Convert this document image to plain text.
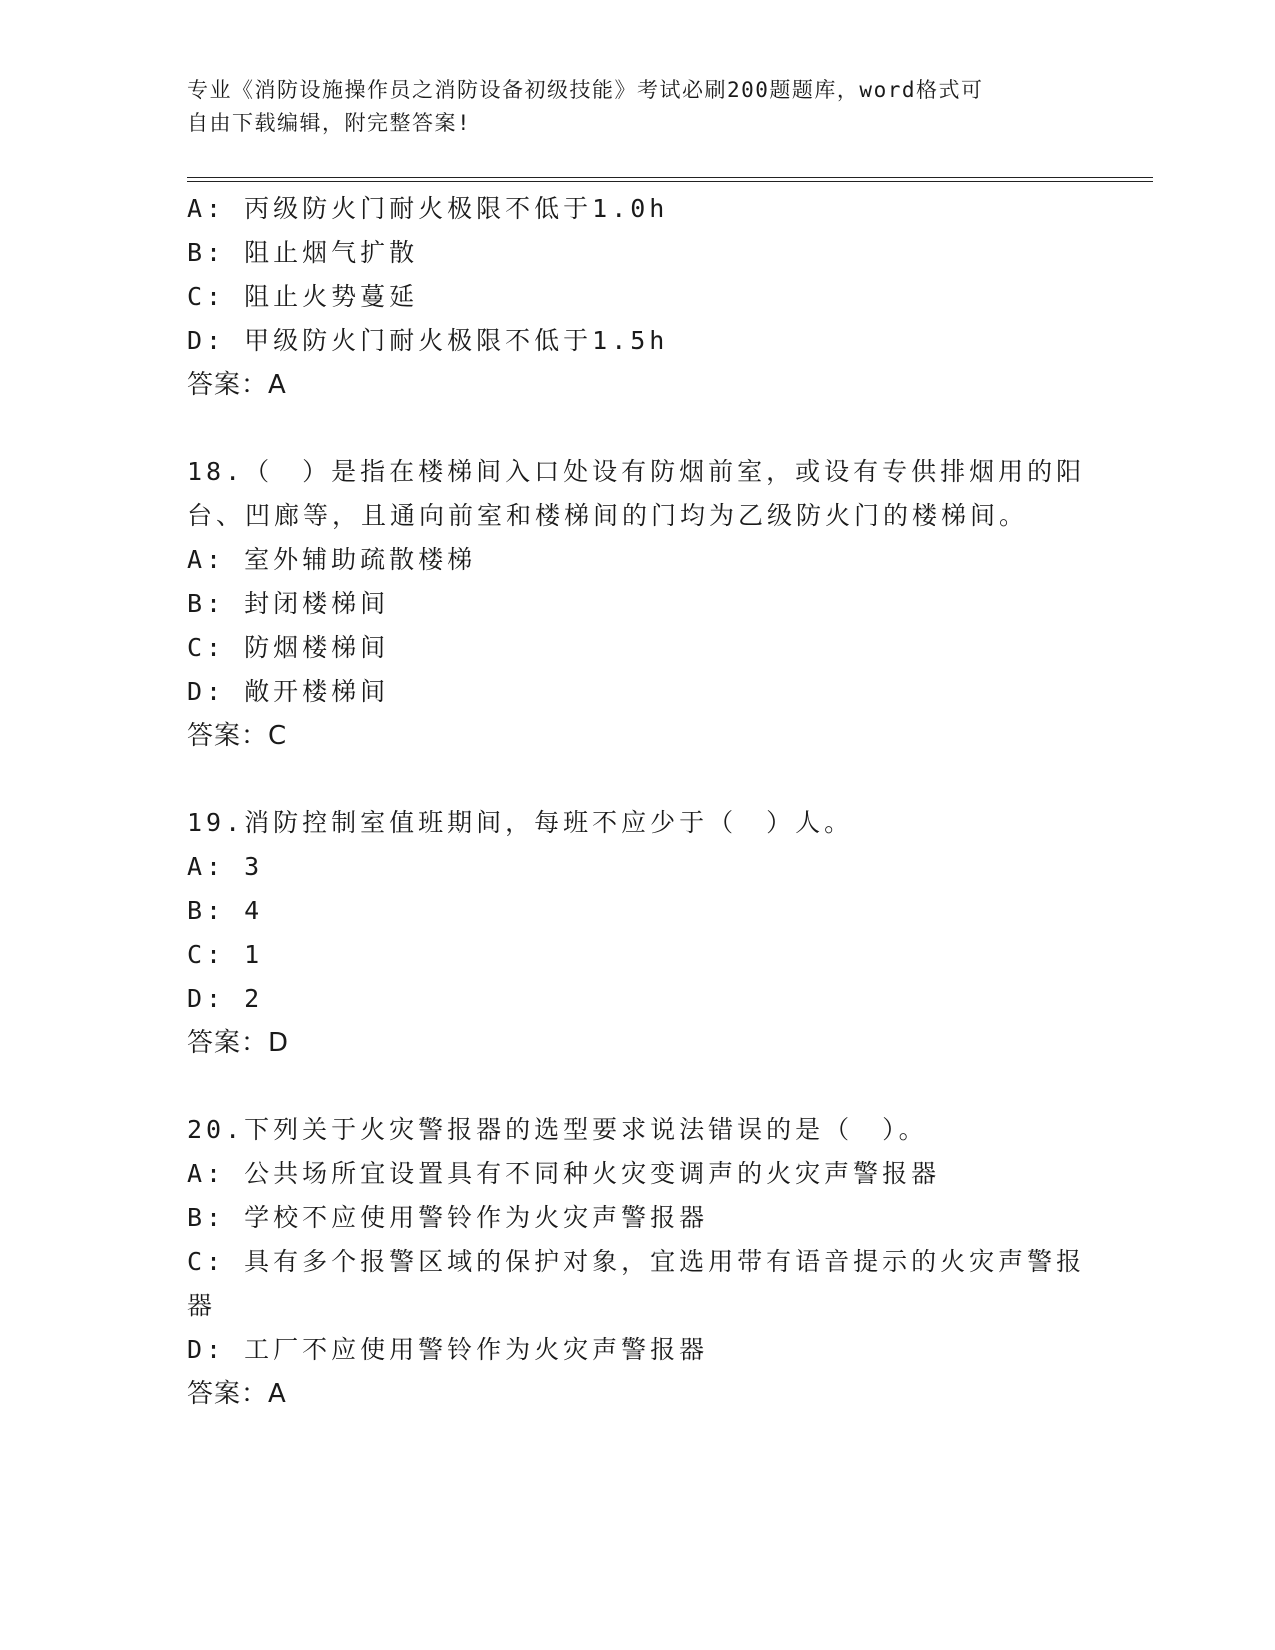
专业《消防设施操作员之消防设备初级技能》考试必刷200题题库，word格式可
自由下载编辑，附完整答案!
A: 丙级防火门耐火极限不低于1.0h
B: 阻止烟气扩散
C: 阻止火势蔓延
D: 甲级防火门耐火极限不低于1.5h
答案：A
18.（　）是指在楼梯间入口处设有防烟前室，或设有专供排烟用的阳
台、凹廊等，且通向前室和楼梯间的门均为乙级防火门的楼梯间。
A: 室外辅助疏散楼梯
B: 封闭楼梯间
C: 防烟楼梯间
D: 敞开楼梯间
答案：C
19.消防控制室值班期间，每班不应少于（　）人。
A: 3
B: 4
C: 1
D: 2
答案：D
20.下列关于火灾警报器的选型要求说法错误的是（　）。
A: 公共场所宜设置具有不同种火灾变调声的火灾声警报器
B: 学校不应使用警铃作为火灾声警报器
C: 具有多个报警区域的保护对象，宜选用带有语音提示的火灾声警报
器
D: 工厂不应使用警铃作为火灾声警报器
答案：A
